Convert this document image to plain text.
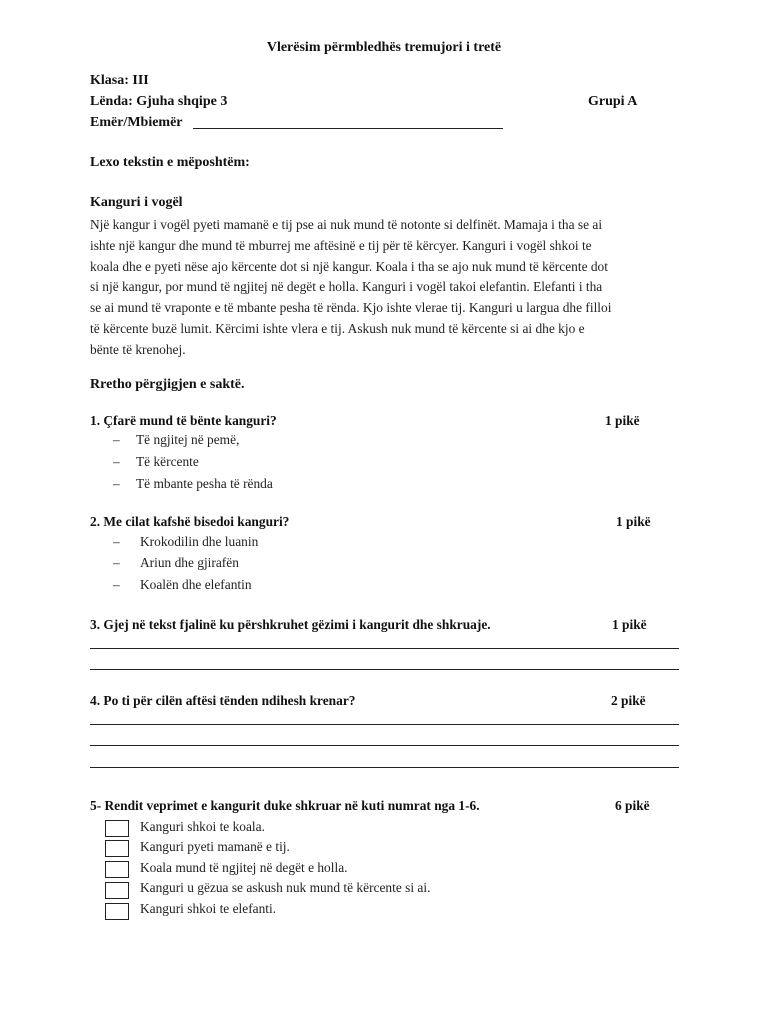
Vlerësim përmbledhës tremujori i tretë
Klasa: III
Lënda: Gjuha shqipe 3	Grupi A
Emër/Mbiemër
Lexo tekstin e mëposhtëm:
Kanguri i vogël
Një kangur i vogël pyeti mamanë e tij pse ai nuk mund të notonte si delfinët. Mamaja i tha se ai
ishte një kangur dhe mund të mburrej me aftësinë e tij për të kërcyer. Kanguri i vogël shkoi te
koala dhe e pyeti nëse ajo kërcente dot si një kangur. Koala i tha se ajo nuk mund të kërcente dot
si një kangur, por mund të ngjitej në degët e holla. Kanguri i vogël takoi elefantin. Elefanti i tha
se ai mund të vraponte e të mbante pesha të rënda. Kjo ishte vlerae tij. Kanguri u largua dhe filloi
të kërcente buzë lumit. Kërcimi ishte vlera e tij. Askush nuk mund të kërcente si ai dhe kjo e
bënte të krenohej.
Rretho përgjigjen e saktë.
1. Çfarë mund të bënte kanguri?	1 pikë
– Të ngjitej në pemë,
– Të kërcente
– Të mbante pesha të rënda
2. Me cilat kafshë bisedoi kanguri?	1 pikë
– Krokodilin dhe luanin
– Ariun dhe gjirafën
– Koalën dhe elefantin
3. Gjej në tekst fjalinë ku përshkruhet gëzimi i kangurit dhe shkruaje.	1 pikë
4. Po ti për cilën aftësi tënden ndihesh krenar?	2 pikë
5- Rendit veprimet e kangurit duke shkruar në kuti numrat nga 1-6.	6 pikë
Kanguri shkoi te koala.
Kanguri pyeti mamanë e tij.
Koala mund të ngjitej në degët e holla.
Kanguri u gëzua se askush nuk mund të kërcente si ai.
Kanguri shkoi te elefanti.
